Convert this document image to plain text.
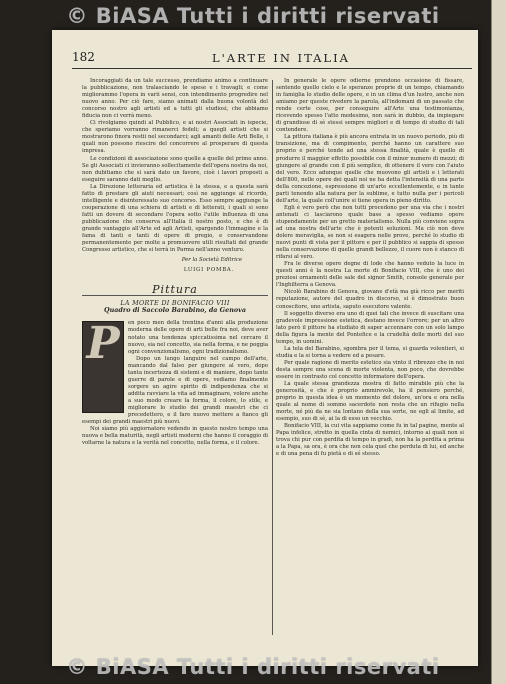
© BiASA Tutti i diritti riservati
182	L'ARTE IN ITALIA

Incoraggiati da un tale successo, prendiamo animo a continuare la pubblicazione, non tralasciando le spese e i travagli; e come migliorammo l'opera in varii sensi, con intendimento progredire nel nuovo anno. Per ciò fare, siamo animati dalla buona volontà del concorso nostro agli artisti ed a tutti gli studiosi, che abbiamo fiducia non ci verrà meno.

Ci rivolgiamo quindi al Pubblico, e ai nostri Associati in ispecie, che speriamo vorranno rimanerci fedeli; a quegli artisti che si mostrarono finora restii nel secondarci; agli amanti delle Arti Belle, i quali non possono riescire del concorrere al prosperare di questa impresa.

Le condizioni di associazione sono quelle a quelle del primo anno. Se gli Associati ci invieranno sollecitamente dell'opera nostra da noi, non dubitiamo che si sarà dato un favore, cioè i lavori proposti a eseguire saranno dati meglio.

La Direzione letteraria ed artistica è la stessa, e a questa sarà fatto di prestare gli aiuti necessari; così ne aggiunge al ricordo, intelligente e disinteressato suo concorso. Esso sempre aggiunge la cooperazione di una schiera di artisti e di letterati, i quali si sono fatti un dovere di secondare l'opera sotto l'utile influenza di una pubblicazione che conserva all'Italia il nostro posto, e che è di grande vantaggio all'Arte ed agli Artisti, spargendo l'immagine e la fama di tanti e tanti di opere di pregio, e conservandone permanentemente per molte a promuovere utili risultati del grande Congresso artistico, che si terrà in Parma nell'anno venturo.

Per la Società Editrice
LUIGI POMBA.
Pittura
LA MORTE DI BONIFACIO VIII
Quadro di Saccolo Barabino, da Genova
P	en poco men della trentina d'anni alla produzione moderna delle opere di arti belle fra noi, deve aver notato una tendenza spiccatissima nel cercare il nuovo, sia nel concetto, sia nella forma, e ne poggia ogni convenzionalismo, ogni tradizionalismo.

Dopo un lungo languire nel campo dell'arte, mancando dal falso per giungere al vero, dopo tanta incertezza di sistemi e di maniere, dopo tante guerre di parole e di opere, vediamo finalmente sorgere un agire spirito di indipendenza che si addita ravviare la vita ad immaginare, volere anche a suo modo creare la forma, il colore, lo stile, e migliorare lo studio dei grandi maestri che ci precedettero, e il fare nuovo mettere a fianco gli esempi dei grandi maestri più nuovi.

Noi siamo più aggiornatore vedendo in questo nostro tempo una nuova e bella maturità, negli artisti moderni che hanno il coraggio di voltarne la natura e la verità nel concetto, nella forma, e il colore.

In generale le opere odierne prendono occasione di fissare, sentendo quello cielo e le speranze proprie di un tempo, chiamando in famiglia lo studio delle opere, e in un clima d'un lustro, anche non amiamo per queste rivedere la parola, all'indomani di un passato che rende certe cose, per conseguire all'Arte una testimonianza, ricevendo spesso l'atto medesimo, non sarà in dubbio, da impiegare di grandiose di sè stessi sempre migliori e di tempo di studio di tali contendere.

La pittura italiana è più ancora entrata in un nuovo periodo, più di transizione, ma di compimento, perché hanno un carattere suo proprio e perché tende ad una stessa finalità, quale è quello di produrre il maggior effetto possibile con il minor numero di mezzi; di giungere al grande con il più semplice, di ottenere il vero con l'aiuto del vero. Ecco adunque quelle che muovono gli artisti e i letterati dell'800, nelle opere dei quali noi ne ha detta l'intensità di una parte della concezione, espressione di un'arte eccellentemente, e in tante parti tenendo alla natura per la sublime, e tutto nulla per i pericoli dell'arte, la quale coll'unire si tiene opera in pieno diritto.

Egli è vero però che non tutti procedono per una via che i nostri antenati ci lasciarono quale base a spesso vediamo opere stupendamente per un gretto materialismo. Nulla più conviene sopra ad una nostra dell'arte che è potenti soluzioni. Ma ciò non deve dolere meraviglia, se non si esagera nelle prove, perché lo studio di nuovi punti di vista per il pittore e per il pubblico si sappia di spesso nella conservazione di quelle grandi bellezze, il cuore non è stanco di rifarsi al vero.

Fra le diverse opere degne di lode che hanno veduto la luce in questi anni è la nostra La morte di Bonifacio VIII, che è uno dei preziosi ornamenti delle sale del signor Smith, console generale per l'Inghilterra a Genova.

Nicolò Barabino di Genova, giovane d'età ma già ricco per meriti reputazione, autore del quadro in discorso, si è dimostrato buon conoscitore, uno artista, saputo esecutore valente.

Il soggetto diverso era uno di quei tali che invece di suscitare una gradevole impressione estetica, destano invece l'orrore; per un altro lato però il pittore ha studiato di saper accennare con un solo lampo della figura la mente del Pontefice e la crudeltà delle morti del suo tempo, in uomini.

La tela del Barabino, sgombra per il tema, si guarda volentieri, si studia e la si torna a vedere ed a pesare.

Per quale ragione di merito estetico sia vinto il ribrezzo che in noi desta sempre una scena di morte violenta, non poco, che dovrebbe essere in contrasto col concetto informatore dell'opera.

La quale stessa grandezza mostra di fatto mirabile più che la generosità, e che è proprio ammirevole, ha il pensiero perché, proprio in questa idea è un momento del dolore, un'ora e ora nella quale al nome di sommo sacerdote non resta che un rifugio nella morte, né più da ne sia lontano della sua sorte, ne egli al limite, ad esempio, suo di sè, ai la di esso un vecchio.

Bonifacio VIII, la cui vita sappiamo come fu in tal pagine, mente al Papa infelice, stretto in quella cinta di nemici, intorno ai quali non si trova chi pur con perdita di tempo in gradi, non ha la perdita a prima a la Papa, sa ora, è ora che non cela quel che perduta di lui, ed anche e di una pena di fu pietà e di sé stesso.

© BiASA Tutti i diritti riservati
